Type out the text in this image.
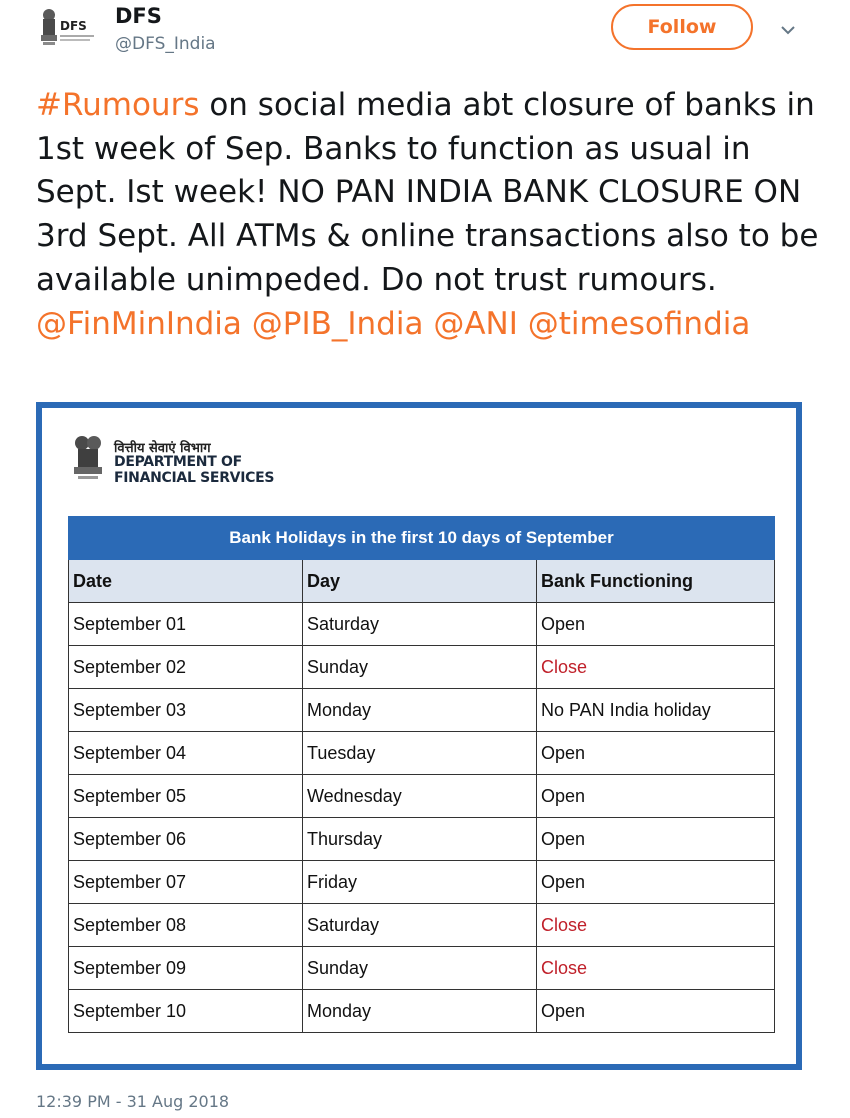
DFS DFS
@DFS_India
Follow

#Rumours on social media abt closure of banks in 1st week of Sep. Banks to function as usual in Sept. Ist week! NO PAN INDIA BANK CLOSURE ON 3rd Sept. All ATMs & online transactions also to be available unimpeded. Do not trust rumours. @FinMinIndia @PIB_India @ANI @timesofindia

वित्तीय सेवाएं विभाग
DEPARTMENT OF
FINANCIAL SERVICES
Bank Holidays in the first 10 days of September		
Date	Day	Bank Functioning
September 01	Saturday	Open
September 02	Sunday	Close
September 03	Monday	No PAN India holiday
September 04	Tuesday	Open
September 05	Wednesday	Open
September 06	Thursday	Open
September 07	Friday	Open
September 08	Saturday	Close
September 09	Sunday	Close
September 10	Monday	Open
12:39 PM - 31 Aug 2018
